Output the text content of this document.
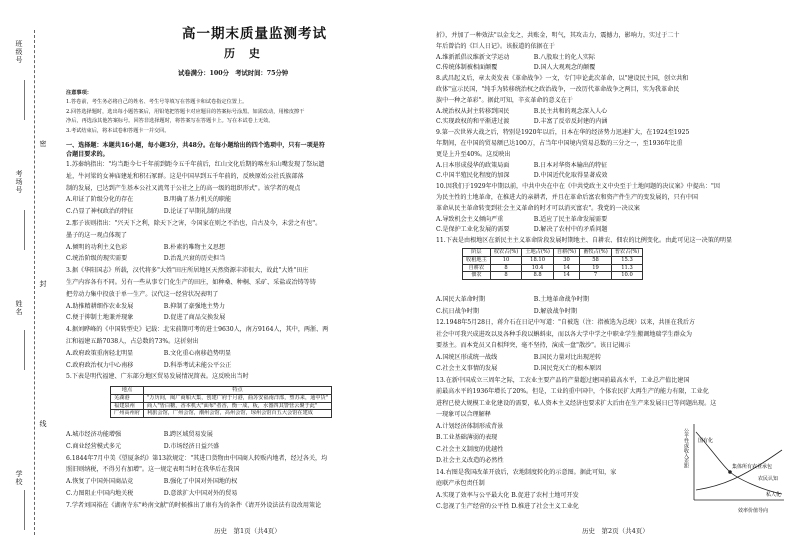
班级号
考场号
姓名
学校
密
封
线
高一期末质量监测考试
历 史
试卷满分：100分　考试时间：75分钟
注意事项：
1.答卷前，考生务必将自己的姓名、考生号等填写在答题卡和试卷指定位置上。
2.回答选择题时，选出每小题答案后，用铅笔把答题卡对应题目的答案标号涂黑。如需改动，用橡皮擦干
净后，再选涂其他答案标号。回答非选择题时，将答案写在答题卡上。写在本试卷上无效。
3.考试结束后，将本试卷和答题卡一并交回。
一、选择题：本题共16小题，每小题3分，共48分。在每小题给出的四个选项中，只有一项是符
合题目要求的。
1.苏秦纳指出："均当距今七千年前到距今五千年前后，红山文化后期的喀左东山嘴发现了祭坛遗
址，牛河梁的女神庙建址和积石冢群。这是中国早到五千年前的，反映原始公社氏族部落
制的发展，已达到产生基本公社又流驾于公社之上的高一级的组织形式"。该学者的观点
A.印证了阶级分化的存在　　　　　B.明确了基力机关的职能
C.凸显了神权政治的特征　　　　　D.论证了早期礼制的出现
2.那子该则指出："兴天下之利，除天下之害，今国家在则之不治也，自古及今，未尝之有也"。
墨子的这一观点体现了
A.倾明的功利主义色彩　　　　　　B.朴素的唯物主义思想
C.统治阶级的现实需要　　　　　　D.治乱兴衰的历史担当
3.据《华阳国志》所载，汉代将多"大姓"田庄所居地区天然资源丰沛很大，故此"大姓"田庄
生产内容各有不同。另有一些从事专门化生产的田庄，如种桑、种桐、采矿、采盐或冶铸等铸
把劳动力集中投放于单一生产。汉代这一经营状况表明了
A.助推精耕细作农业发展　　　　　B.抑制了豪强地主势力
C.便于抑制土地兼并现象　　　　　D.促进了商品交换发展
4.据刘晔峰的《中国转型史》记载：北宋前期可考的进士9630人，南方9164人，其中，两浙、两
江和福建五路7038人，占总数的73%。这折射出
A.政府政策重南轻北明显　　　　　B.文化重心南移趋势明显
C.政府政治权力中心南移　　　　　D.科举考试未能公平公正
5.下表是明代福建、广东部分地区贸易发展情况简表。这反映出当时
地点	特点
芜湖港	"万历间，闽广商舶大集，创建广府于月港，曲苏安福南洋部，塑苏来，通中货"
福建泉州	商人"皆白糖，香本机大"面布"者香，衡一成，板，水器四其警营云聚于此"
广州高州府	利旅会馆，广州会馆，潮州会馆，高州会馆，琼州会馆百五大会馆在建成
A.城市经济功能增强　　　　　　　B.跨区域贸易发展
C.商业经营模式多元　　　　　　　D.市场经济日益兴盛
6.1844年7月中美《望厦条约》第13款规定："其进口货物由中国商人转贩内地者，经过各关，均
照旧则纳税，不得另有加增"。这一规定表明当时在我华后在我国
A.恢复了中国外国商品竞　　　　　B.强化了中国对外国地的权
C.力图阻止中国内地关税　　　　　D.意欲扩大中国对外的贸易
7.学者刘国裕在《湖南寺东"岭南文献"的时候推出了康有为的条件《请开外设法法有设改用策论
历史　第1页（共4页）
折》，并加了一种效法"以金戈之，共账金，明气，其攻击力，震撼力，影响力，实过于二十
年后曾洽的《巨人日记》。该报道的依据在于
A.维新派倡议维新文学运动　　　　B.八股取士的化人实际
C.传统体制被相面颠覆　　　　　　D.国人大观观念的颠覆
8.武昌起义后，章太炎发表《革命战争》一文，专门申论此次革命，以"建设民主国，创立共和
政体"宣示民国，"纯手为转移统治权之政治战争，一改历代革命战争之两目，实为我革命民
族中一种之革彩"。据此可知，辛亥革命的意义在于
A.统治权从封主转移到国民　　　　B.民主共和的观念深入人心
C.实现政权的和平渐进过渡　　　　D.丰富了反帝反封建的内涵
9.第一次世界大战之后，特别是1920年以后，日本在华的经济势力迅速扩大，在1924至1925
年期间，在中国的贸易额已达100万，占当年中国境内贸易总数的三分之一，至1936年比重
更是上升至40%。这反映出
A.日本形成侵华的政策局面　　　　B.日本对华资本输出的特征
C.中国半殖民化程度的加深　　　　D.中国近代化取得显著成效
10.因我们于1929年中期以前，中共中央在中在《中共党政主义中央至于土地问题的决议案》中提出："因
为民主性的土地革命，在推进大的亲耕者，并且在革命后富农和资产件生产的变发展的，只有中国
革命从民主革命转变到社会主义革命的时才可以消灭富农"。我党的一决议案
A.导致机会主义倾向严重　　　　　B.适应了民主革命发展需要
C.是保护工业化发展的需要　　　　D.解决了农村中的矛盾问题
11.下表是由根地区在新民主主义革命阶段发展时期地主、自耕农、佃农的比例变化。由此可见这一决策的明显
阶层	权农占(%)	土地占(%)	自耕(%)	畜牧占(%)	普农占(%)
收租地主	10	18.10	30	58	15.3
自耕农	8	10.4	14	19	11.3
佃农	8	8.8	14	7	10.0
A.国民大革命时期　　　　　　　　B.土地革命战争时期
C.抗日战争时期　　　　　　　　　D.解放战争时期
12.1948年5月28日，蒋介石在日记中写道："自被选（注：指被选为总统）以来，共匪在我后方
社会中可我兴成进攻以及各种手段以蝌蚪束，而以各大学中学之中职业学生搬调地瑞学生群众为
要基主。而本党员又自相拜突，毫不坚持，演成一盘"散沙"。该日记揭示
A.国统区形成统一战线　　　　　　B.国民力量对比出现逆转
C.社会主义事情的发展　　　　　　D.国民党灭亡的根本原因
13.在新中国成立三周年之际，工农业主要产品的产量超过建国前最高水平，工业总产值比建国
前最高水平的1936年增长了20%。但是，工业的重中国中，个体农民扩大再生产的能力有限，工业化
进程已使大规模工业化建设的需要，私人资本主义经济也要求扩大后由在生产来发展日已等问题出现。这
一现象可以合理解释
A.计划经济体制形成背景
B.工业基础薄弱的表现
C.社会主义制度的优越性
D.社会主义改造的必然性
14.右图是我国改革开放后，农地制度转化的示意图。据此可知，家
庭联产承包责任制
A.实现了效率与公平最大化 B.促进了农村土地可开发
C.忽视了生产经营的公平性 D.推进了社会主义工业化
公平性或收入差距 国有化
集体所有农业承包
农民认知
私人化
效率价值导向
历史　第2页（共4页）
